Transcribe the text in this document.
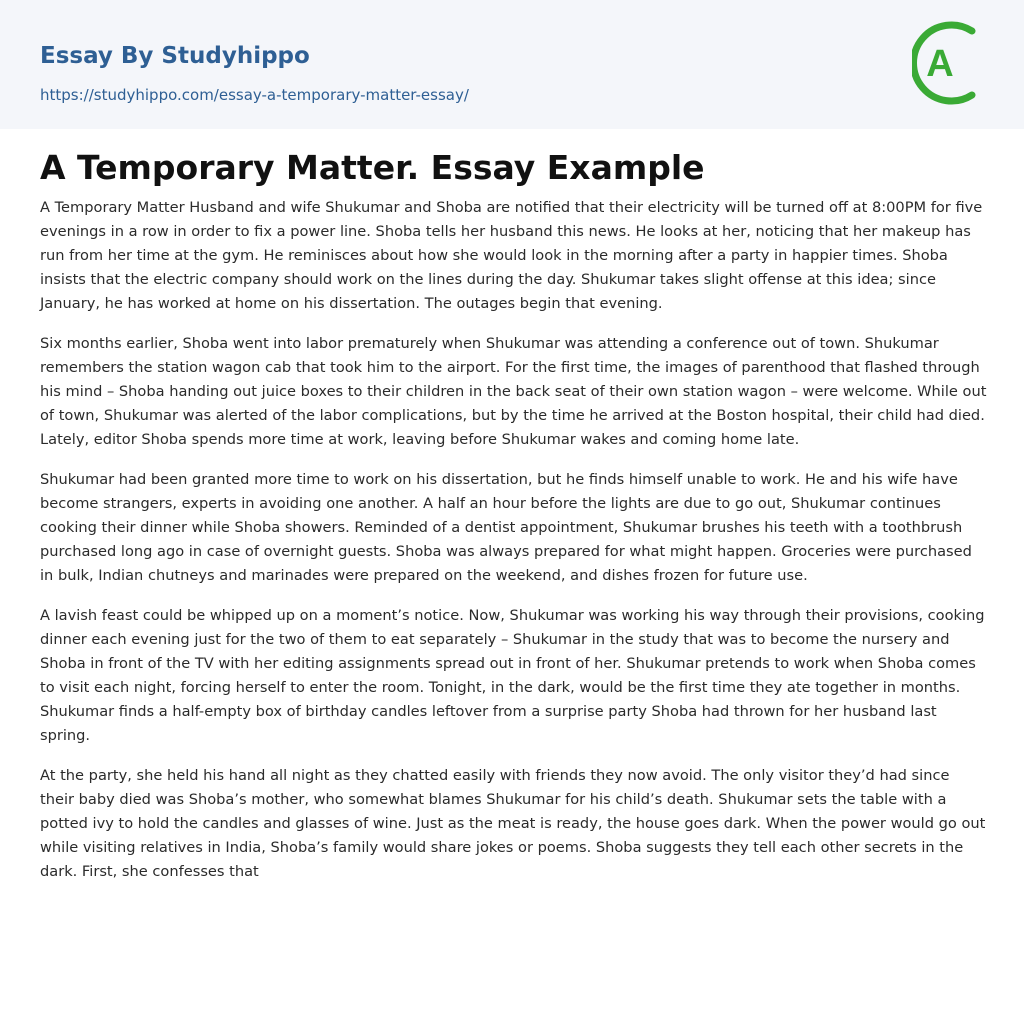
Essay By Studyhippo
https://studyhippo.com/essay-a-temporary-matter-essay/
A
A Temporary Matter. Essay Example

A Temporary Matter Husband and wife Shukumar and Shoba are notified that their electricity will be turned off at 8:00PM for five evenings in a row in order to fix a power line. Shoba tells her husband this news. He looks at her, noticing that her makeup has run from her time at the gym. He reminisces about how she would look in the morning after a party in happier times. Shoba insists that the electric company should work on the lines during the day. Shukumar takes slight offense at this idea; since January, he has worked at home on his dissertation. The outages begin that evening.

Six months earlier, Shoba went into labor prematurely when Shukumar was attending a conference out of town. Shukumar remembers the station wagon cab that took him to the airport. For the first time, the images of parenthood that flashed through his mind – Shoba handing out juice boxes to their children in the back seat of their own station wagon – were welcome. While out of town, Shukumar was alerted of the labor complications, but by the time he arrived at the Boston hospital, their child had died. Lately, editor Shoba spends more time at work, leaving before Shukumar wakes and coming home late.

Shukumar had been granted more time to work on his dissertation, but he finds himself unable to work. He and his wife have become strangers, experts in avoiding one another. A half an hour before the lights are due to go out, Shukumar continues cooking their dinner while Shoba showers. Reminded of a dentist appointment, Shukumar brushes his teeth with a toothbrush purchased long ago in case of overnight guests. Shoba was always prepared for what might happen. Groceries were purchased in bulk, Indian chutneys and marinades were prepared on the weekend, and dishes frozen for future use.

A lavish feast could be whipped up on a moment’s notice. Now, Shukumar was working his way through their provisions, cooking dinner each evening just for the two of them to eat separately – Shukumar in the study that was to become the nursery and Shoba in front of the TV with her editing assignments spread out in front of her. Shukumar pretends to work when Shoba comes to visit each night, forcing herself to enter the room. Tonight, in the dark, would be the first time they ate together in months. Shukumar finds a half-empty box of birthday candles leftover from a surprise party Shoba had thrown for her husband last spring.

At the party, she held his hand all night as they chatted easily with friends they now avoid. The only visitor they’d had since their baby died was Shoba’s mother, who somewhat blames Shukumar for his child’s death. Shukumar sets the table with a potted ivy to hold the candles and glasses of wine. Just as the meat is ready, the house goes dark. When the power would go out while visiting relatives in India, Shoba’s family would share jokes or poems. Shoba suggests they tell each other secrets in the dark. First, she confesses that
